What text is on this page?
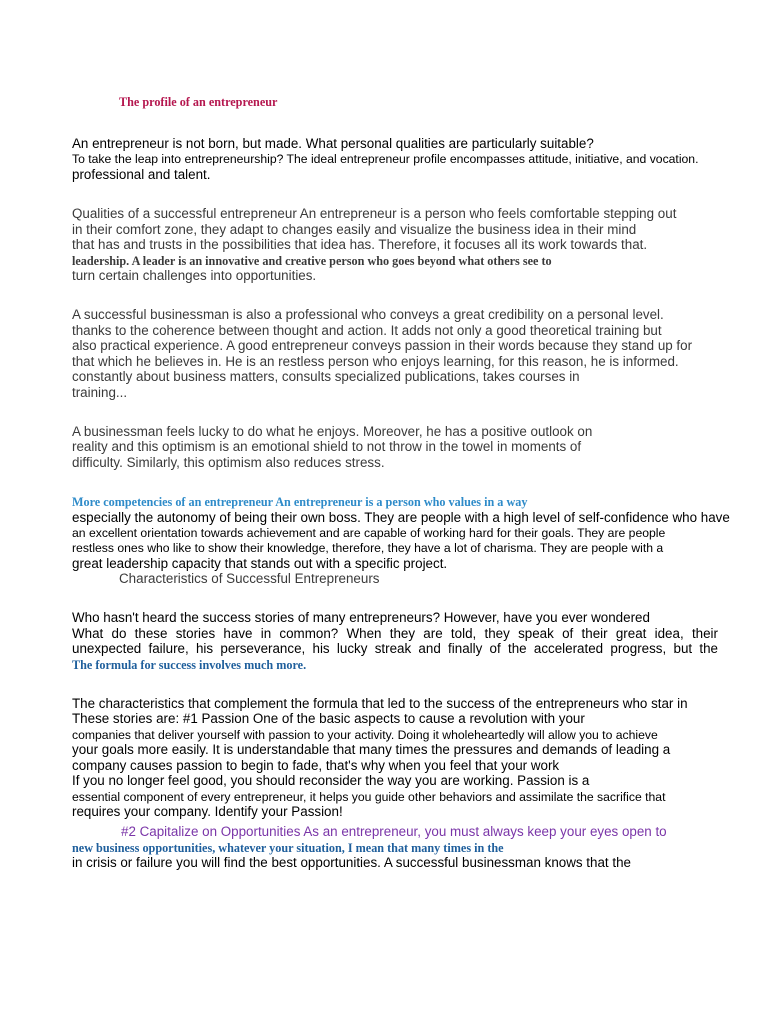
The profile of an entrepreneur
An entrepreneur is not born, but made. What personal qualities are particularly suitable?
To take the leap into entrepreneurship? The ideal entrepreneur profile encompasses attitude, initiative, and vocation.
professional and talent.
Qualities of a successful entrepreneur An entrepreneur is a person who feels comfortable stepping out
in their comfort zone, they adapt to changes easily and visualize the business idea in their mind
that has and trusts in the possibilities that idea has. Therefore, it focuses all its work towards that.
leadership. A leader is an innovative and creative person who goes beyond what others see to
turn certain challenges into opportunities.
A successful businessman is also a professional who conveys a great credibility on a personal level.
thanks to the coherence between thought and action. It adds not only a good theoretical training but
also practical experience. A good entrepreneur conveys passion in their words because they stand up for
that which he believes in. He is an restless person who enjoys learning, for this reason, he is informed.
constantly about business matters, consults specialized publications, takes courses in
training...
A businessman feels lucky to do what he enjoys. Moreover, he has a positive outlook on
reality and this optimism is an emotional shield to not throw in the towel in moments of
difficulty. Similarly, this optimism also reduces stress.
More competencies of an entrepreneur An entrepreneur is a person who values in a way
especially the autonomy of being their own boss. They are people with a high level of self-confidence who have
an excellent orientation towards achievement and are capable of working hard for their goals. They are people
restless ones who like to show their knowledge, therefore, they have a lot of charisma. They are people with a
great leadership capacity that stands out with a specific project.
Characteristics of Successful Entrepreneurs
Who hasn't heard the success stories of many entrepreneurs? However, have you ever wondered
What do these stories have in common? When they are told, they speak of their great idea, their
unexpected failure, his perseverance, his lucky streak and finally of the accelerated progress, but the
The formula for success involves much more.
The characteristics that complement the formula that led to the success of the entrepreneurs who star in
These stories are: #1 Passion One of the basic aspects to cause a revolution with your
companies that deliver yourself with passion to your activity. Doing it wholeheartedly will allow you to achieve
your goals more easily. It is understandable that many times the pressures and demands of leading a
company causes passion to begin to fade, that's why when you feel that your work
If you no longer feel good, you should reconsider the way you are working. Passion is a
essential component of every entrepreneur, it helps you guide other behaviors and assimilate the sacrifice that
requires your company. Identify your Passion!
#2 Capitalize on Opportunities As an entrepreneur, you must always keep your eyes open to
new business opportunities, whatever your situation, I mean that many times in the
in crisis or failure you will find the best opportunities. A successful businessman knows that the
